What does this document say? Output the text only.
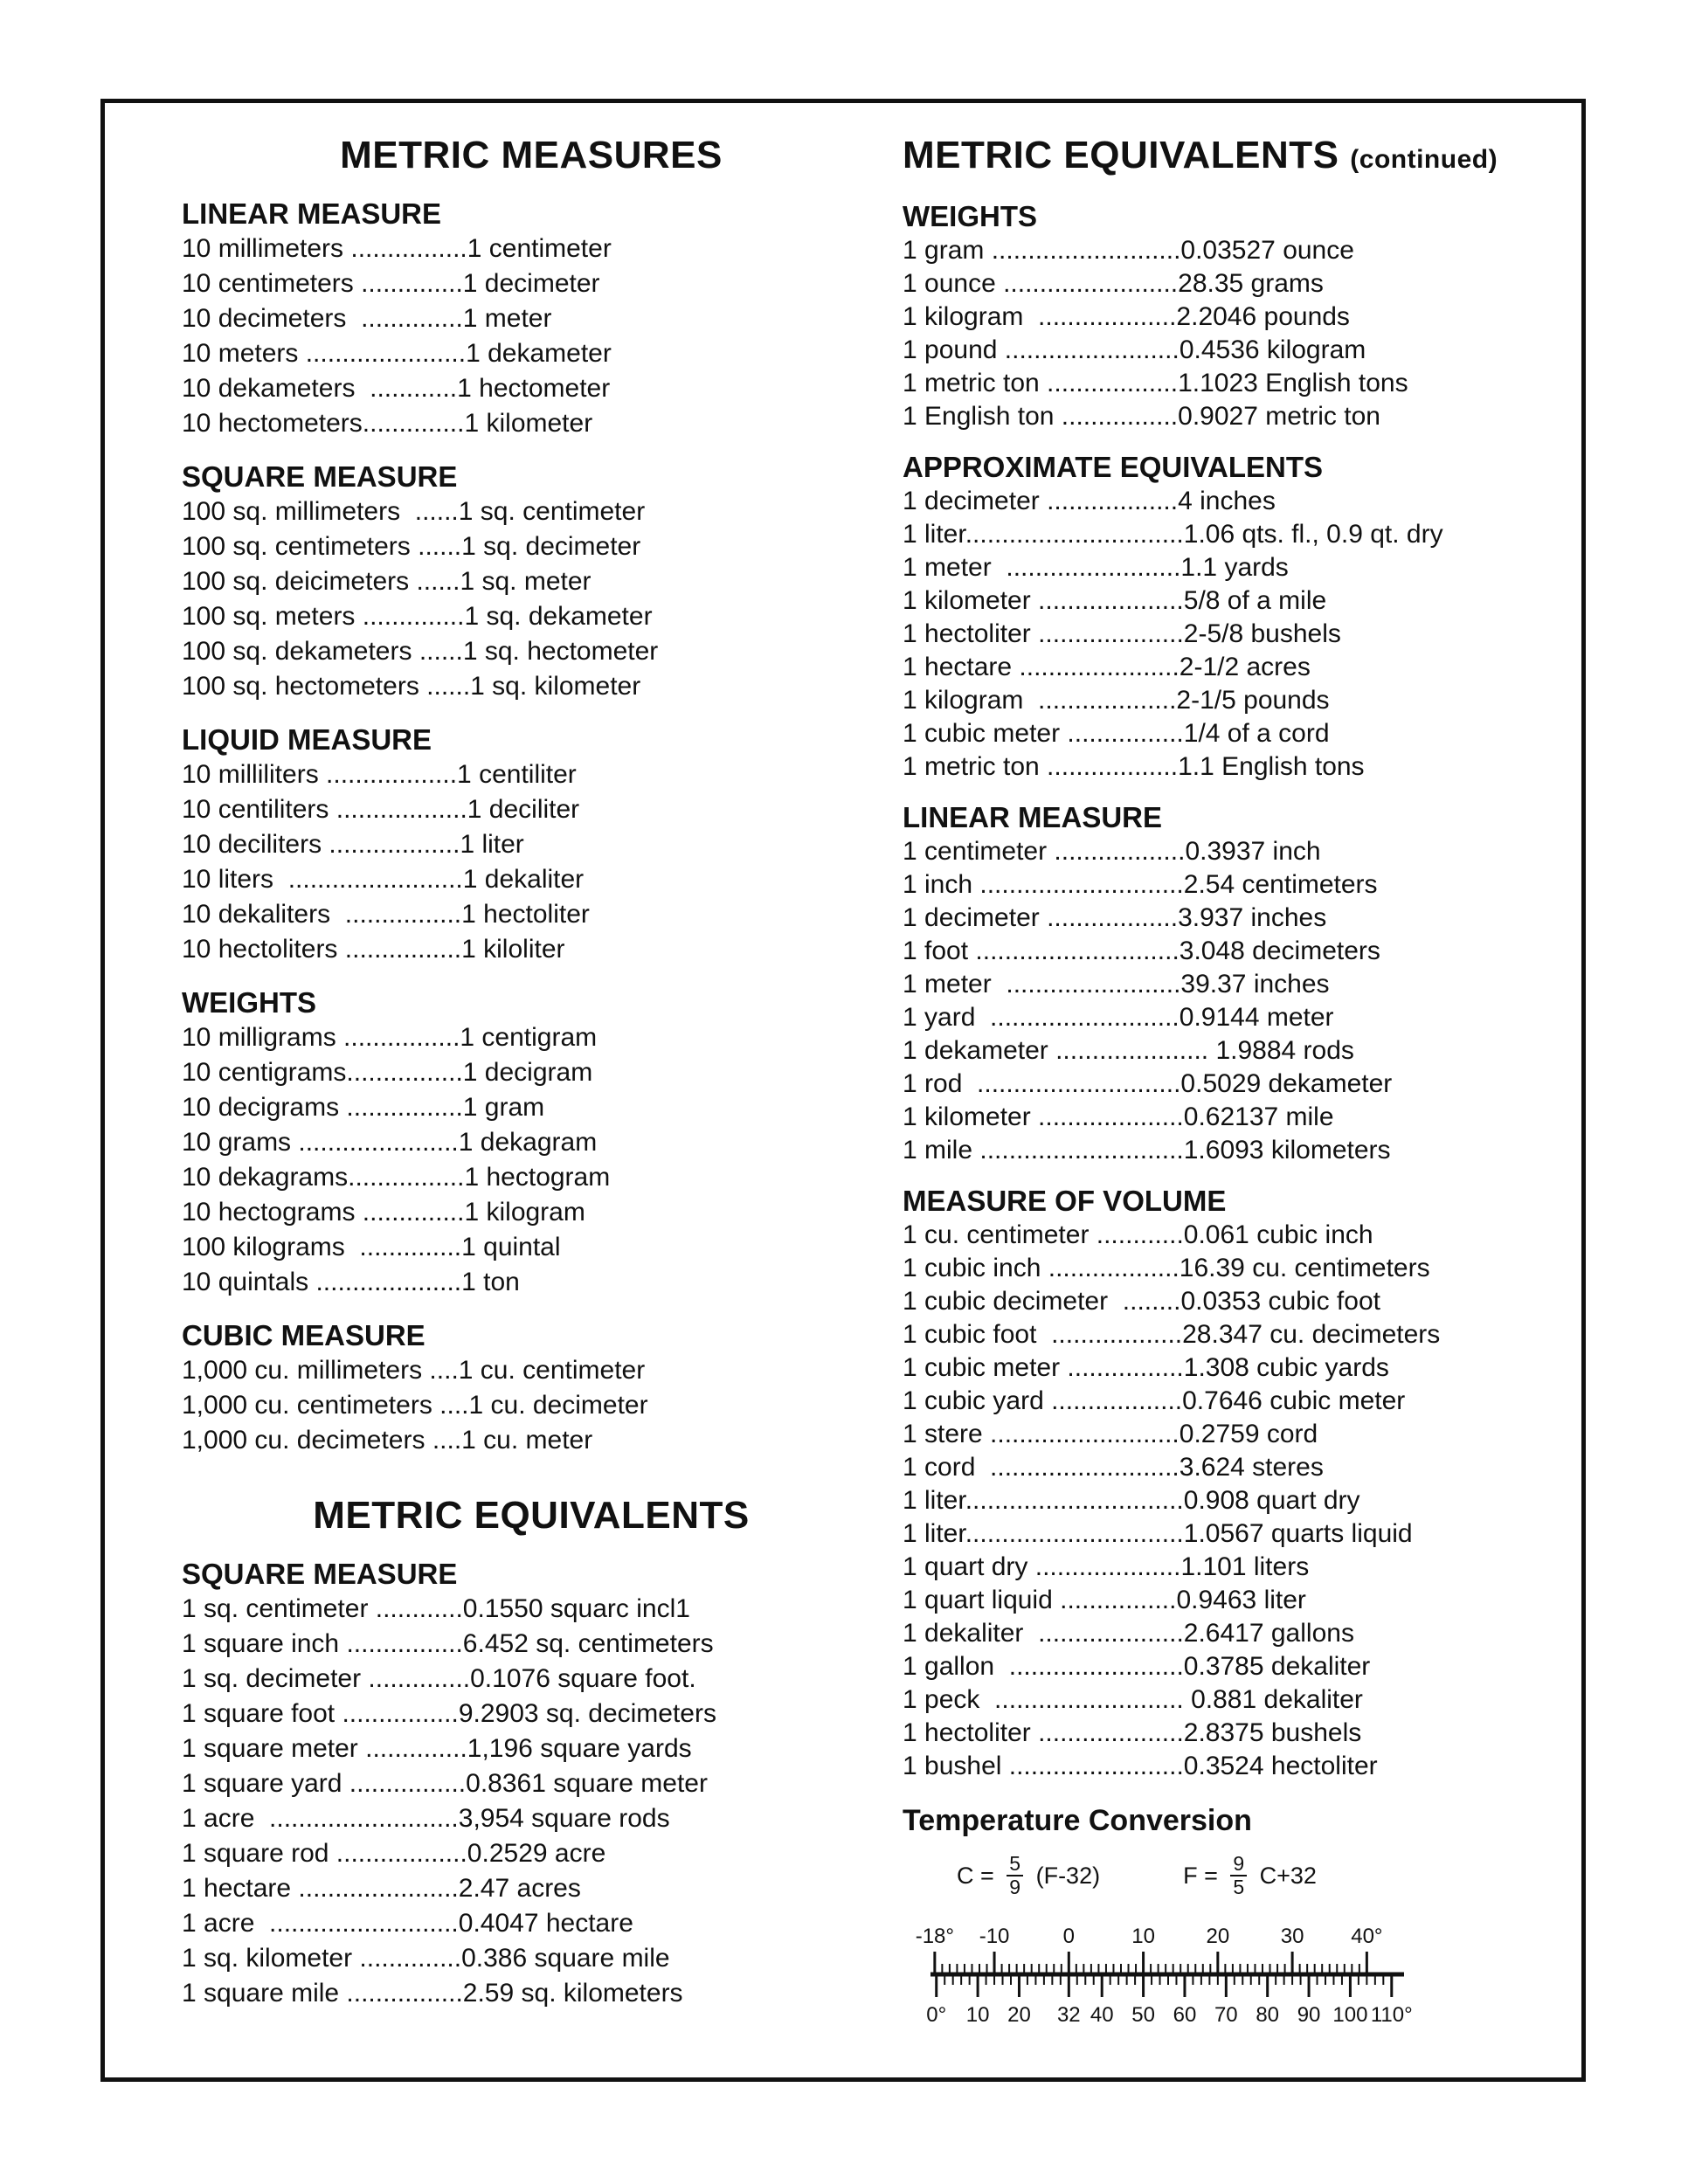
METRIC MEASURES
LINEAR MEASURE
10 millimeters ................1 centimeter
10 centimeters ..............1 decimeter
10 decimeters  ..............1 meter
10 meters ......................1 dekameter
10 dekameters  ............1 hectometer
10 hectometers..............1 kilometer
SQUARE MEASURE
100 sq. millimeters  ......1 sq. centimeter
100 sq. centimeters ......1 sq. decimeter
100 sq. deicimeters ......1 sq. meter
100 sq. meters ..............1 sq. dekameter
100 sq. dekameters ......1 sq. hectometer
100 sq. hectometers ......1 sq. kilometer
LIQUID MEASURE
10 milliliters ..................1 centiliter
10 centiliters ..................1 deciliter
10 deciliters ..................1 liter
10 liters  ........................1 dekaliter
10 dekaliters  ................1 hectoliter
10 hectoliters ................1 kiloliter
WEIGHTS
10 milligrams ................1 centigram
10 centigrams................1 decigram
10 decigrams ................1 gram
10 grams ......................1 dekagram
10 dekagrams................1 hectogram
10 hectograms ..............1 kilogram
100 kilograms  ..............1 quintal
10 quintals ....................1 ton
CUBIC MEASURE
1,000 cu. millimeters ....1 cu. centimeter
1,000 cu. centimeters ....1 cu. decimeter
1,000 cu. decimeters ....1 cu. meter
METRIC EQUIVALENTS
SQUARE MEASURE
1 sq. centimeter ............0.1550 squarc incl1
1 square inch ................6.452 sq. centimeters
1 sq. decimeter ..............0.1076 square foot.
1 square foot ................9.2903 sq. decimeters
1 square meter ..............1,196 square yards
1 square yard ................0.8361 square meter
1 acre  ..........................3,954 square rods
1 square rod ..................0.2529 acre
1 hectare ......................2.47 acres
1 acre  ..........................0.4047 hectare
1 sq. kilometer ..............0.386 square mile
1 square mile ................2.59 sq. kilometers
METRIC EQUIVALENTS (continued)
WEIGHTS
1 gram ..........................0.03527 ounce
1 ounce ........................28.35 grams
1 kilogram  ...................2.2046 pounds
1 pound ........................0.4536 kilogram
1 metric ton ..................1.1023 English tons
1 English ton ................0.9027 metric ton
APPROXIMATE EQUIVALENTS
1 decimeter ..................4 inches
1 liter..............................1.06 qts. fl., 0.9 qt. dry
1 meter  ........................1.1 yards
1 kilometer ....................5/8 of a mile
1 hectoliter ....................2-5/8 bushels
1 hectare ......................2-1/2 acres
1 kilogram  ...................2-1/5 pounds
1 cubic meter ................1/4 of a cord
1 metric ton ..................1.1 English tons
LINEAR MEASURE
1 centimeter ..................0.3937 inch
1 inch ............................2.54 centimeters
1 decimeter ..................3.937 inches
1 foot ............................3.048 decimeters
1 meter  ........................39.37 inches
1 yard  ..........................0.9144 meter
1 dekameter ..................... 1.9884 rods
1 rod  ............................0.5029 dekameter
1 kilometer ....................0.62137 mile
1 mile ............................1.6093 kilometers
MEASURE OF VOLUME
1 cu. centimeter ............0.061 cubic inch
1 cubic inch ..................16.39 cu. centimeters
1 cubic decimeter  ........0.0353 cubic foot
1 cubic foot  ..................28.347 cu. decimeters
1 cubic meter ................1.308 cubic yards
1 cubic yard ..................0.7646 cubic meter
1 stere ..........................0.2759 cord
1 cord  ..........................3.624 steres
1 liter..............................0.908 quart dry
1 liter..............................1.0567 quarts liquid
1 quart dry ....................1.101 liters
1 quart liquid ................0.9463 liter
1 dekaliter  ....................2.6417 gallons
1 gallon  ........................0.3785 dekaliter
1 peck  .......................... 0.881 dekaliter
1 hectoliter ....................2.8375 bushels
1 bushel ........................0.3524 hectoliter
Temperature Conversion
$C = \frac{5}{9} (F-32)$	$F = \frac{9}{5} C+32$
-18° -10	0	10 20 30 40°
0° 10 20 32 40 50 60 70 80 90 100 110°
